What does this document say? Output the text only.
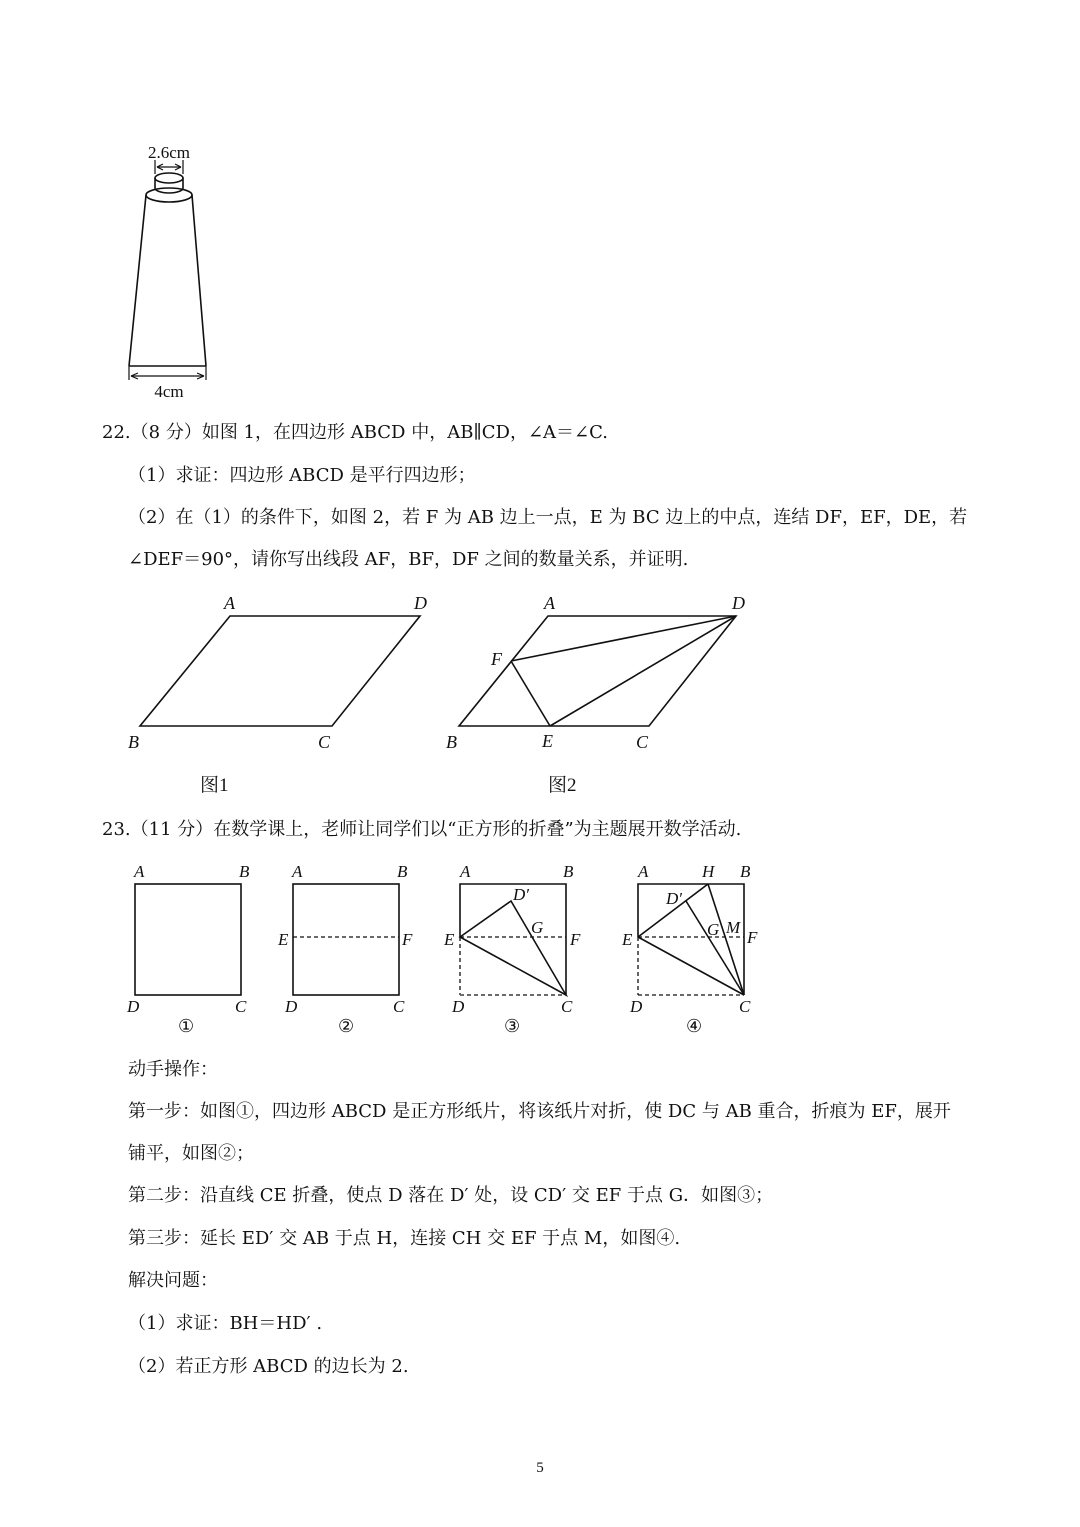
2.6cm
4cm
22.（8 分）如图 1，在四边形 ABCD 中，AB∥CD，∠A＝∠C.
（1）求证：四边形 ABCD 是平行四边形；
（2）在（1）的条件下，如图 2，若 F 为 AB 边上一点，E 为 BC 边上的中点，连结 DF，EF，DE，若
∠DEF＝90°，请你写出线段 AF，BF，DF 之间的数量关系，并证明.
A	D
B	C
图1
A	D
F
B	E	C
图2
23.（11 分）在数学课上，老师让同学们以“正方形的折叠”为主题展开数学活动.
A	B
D	C
①
A	B
E	F
D	C
②
A	B
D′
G
E	F
D	C
③
A	H B
D′
G M
E	F
D	C
④
动手操作：
第一步：如图①，四边形 ABCD 是正方形纸片，将该纸片对折，使 DC 与 AB 重合，折痕为 EF，展开
铺平，如图②；
第二步：沿直线 CE 折叠，使点 D 落在 D′ 处，设 CD′ 交 EF 于点 G．如图③；
第三步：延长 ED′ 交 AB 于点 H，连接 CH 交 EF 于点 M，如图④.
解决问题：
（1）求证：BH＝HD′ .
（2）若正方形 ABCD 的边长为 2.
5
